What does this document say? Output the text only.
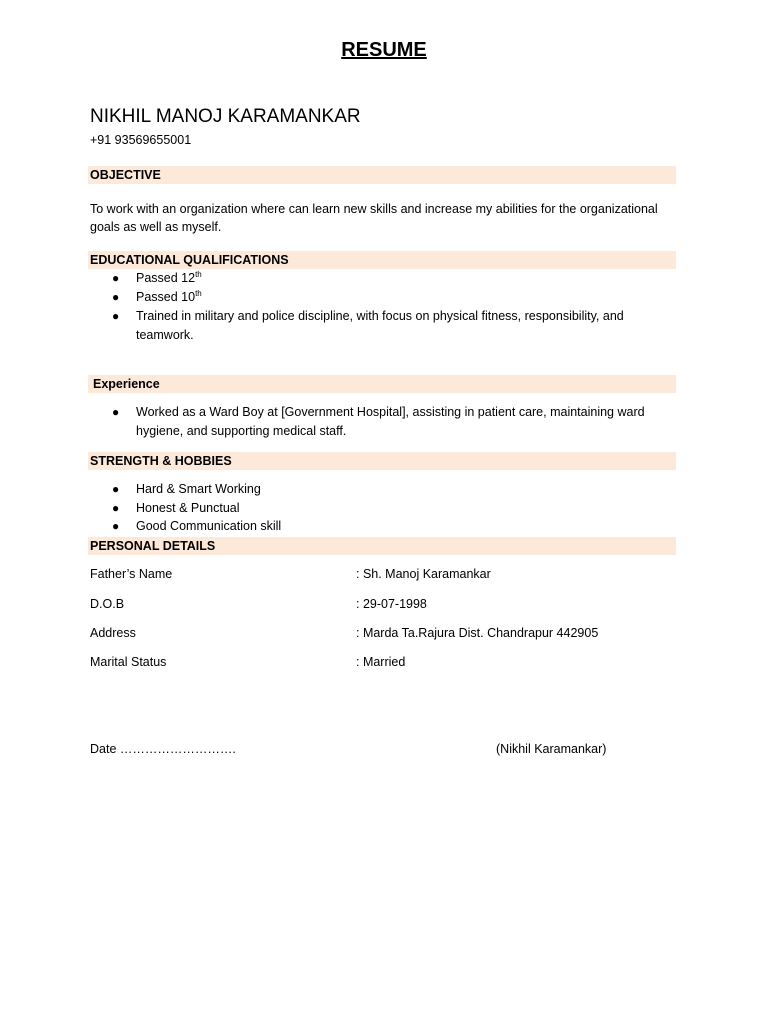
RESUME
NIKHIL MANOJ KARAMANKAR
+91 93569655001
OBJECTIVE
To work with an organization where can learn new skills and increase my abilities for the organizational goals as well as myself.
EDUCATIONAL QUALIFICATIONS
● Passed 12th
● Passed 10th
● Trained in military and police discipline, with focus on physical fitness, responsibility, and teamwork.
Experience
● Worked as a Ward Boy at [Government Hospital], assisting in patient care, maintaining ward hygiene, and supporting medical staff.
STRENGTH & HOBBIES
● Hard & Smart Working
● Honest & Punctual
● Good Communication skill
PERSONAL DETAILS
Father’s Name	: Sh. Manoj Karamankar
D.O.B	: 29-07-1998
Address	: Marda Ta.Rajura Dist. Chandrapur 442905
Marital Status	: Married
Date ……………………….	(Nikhil Karamankar)
